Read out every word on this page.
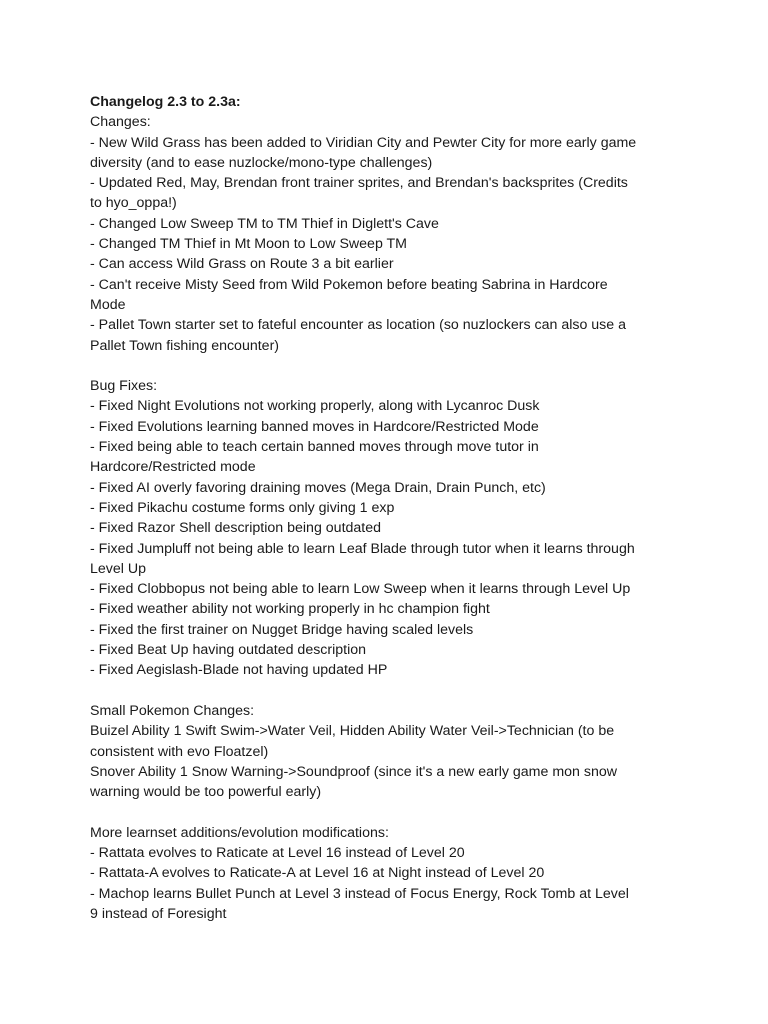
Changelog 2.3 to 2.3a:
Changes:
- New Wild Grass has been added to Viridian City and Pewter City for more early game
diversity (and to ease nuzlocke/mono-type challenges)
- Updated Red, May, Brendan front trainer sprites, and Brendan's backsprites (Credits
to hyo_oppa!)
- Changed Low Sweep TM to TM Thief in Diglett's Cave
- Changed TM Thief in Mt Moon to Low Sweep TM
- Can access Wild Grass on Route 3 a bit earlier
- Can't receive Misty Seed from Wild Pokemon before beating Sabrina in Hardcore
Mode
- Pallet Town starter set to fateful encounter as location (so nuzlockers can also use a
Pallet Town fishing encounter)
Bug Fixes:
- Fixed Night Evolutions not working properly, along with Lycanroc Dusk
- Fixed Evolutions learning banned moves in Hardcore/Restricted Mode
- Fixed being able to teach certain banned moves through move tutor in
Hardcore/Restricted mode
- Fixed AI overly favoring draining moves (Mega Drain, Drain Punch, etc)
- Fixed Pikachu costume forms only giving 1 exp
- Fixed Razor Shell description being outdated
- Fixed Jumpluff not being able to learn Leaf Blade through tutor when it learns through
Level Up
- Fixed Clobbopus not being able to learn Low Sweep when it learns through Level Up
- Fixed weather ability not working properly in hc champion fight
- Fixed the first trainer on Nugget Bridge having scaled levels
- Fixed Beat Up having outdated description
- Fixed Aegislash-Blade not having updated HP
Small Pokemon Changes:
Buizel Ability 1 Swift Swim->Water Veil, Hidden Ability Water Veil->Technician (to be
consistent with evo Floatzel)
Snover Ability 1 Snow Warning->Soundproof (since it's a new early game mon snow
warning would be too powerful early)
More learnset additions/evolution modifications:
- Rattata evolves to Raticate at Level 16 instead of Level 20
- Rattata-A evolves to Raticate-A at Level 16 at Night instead of Level 20
- Machop learns Bullet Punch at Level 3 instead of Focus Energy, Rock Tomb at Level
9 instead of Foresight
